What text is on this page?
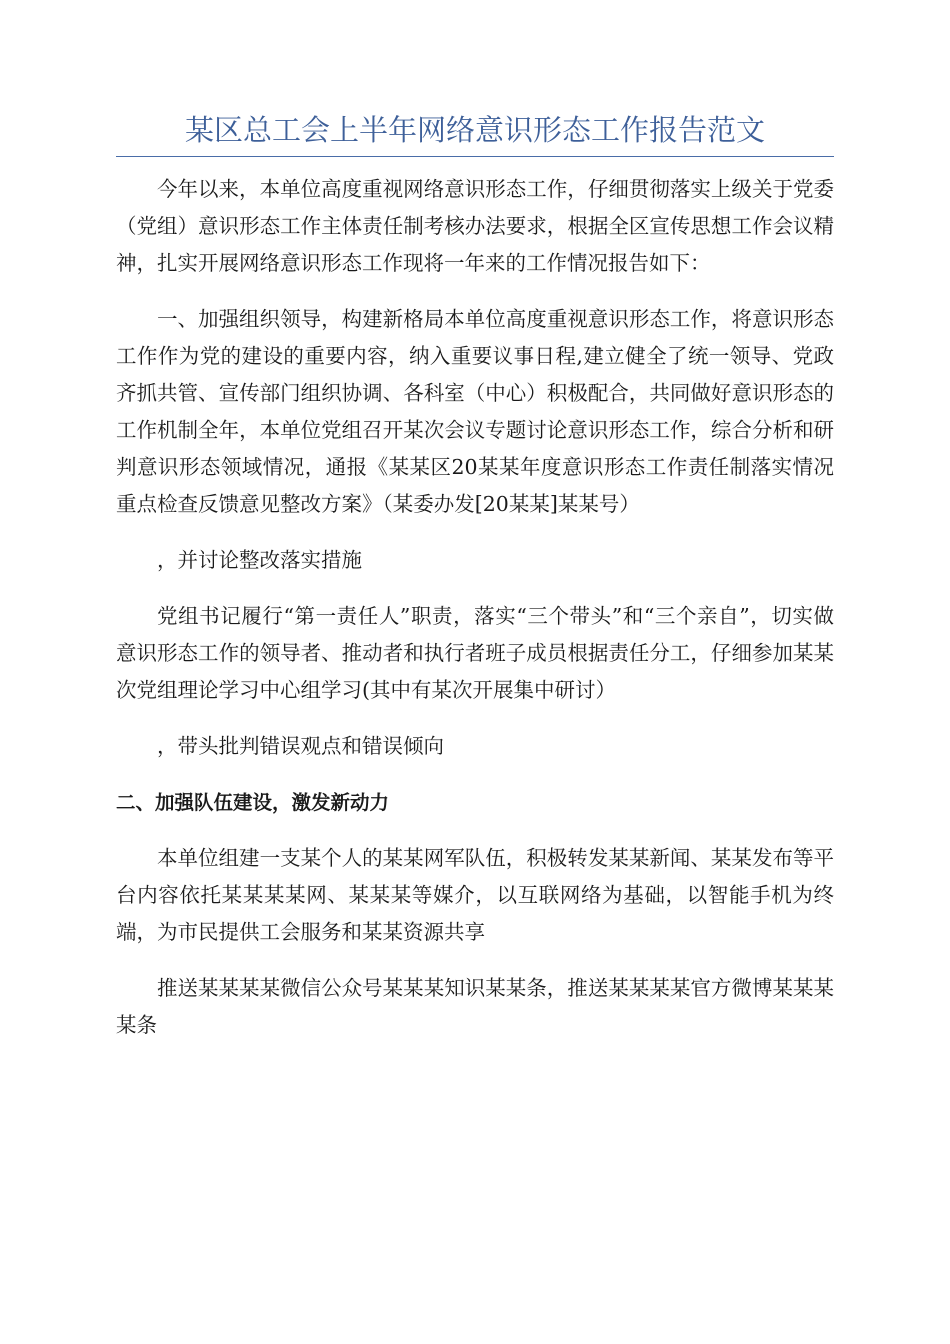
某区总工会上半年网络意识形态工作报告范文

今年以来，本单位高度重视网络意识形态工作，仔细贯彻落实上级关于党委（党组）意识形态工作主体责任制考核办法要求，根据全区宣传思想工作会议精神，扎实开展网络意识形态工作现将一年来的工作情况报告如下：

一、加强组织领导，构建新格局本单位高度重视意识形态工作，将意识形态工作作为党的建设的重要内容，纳入重要议事日程,建立健全了统一领导、党政齐抓共管、宣传部门组织协调、各科室（中心）积极配合，共同做好意识形态的工作机制全年，本单位党组召开某次会议专题讨论意识形态工作，综合分析和研判意识形态领域情况，通报《某某区20某某年度意识形态工作责任制落实情况重点检查反馈意见整改方案》（某委办发[20某某]某某号）

，并讨论整改落实措施

党组书记履行“第一责任人”职责，落实“三个带头”和“三个亲自”，切实做意识形态工作的领导者、推动者和执行者班子成员根据责任分工，仔细参加某某次党组理论学习中心组学习(其中有某次开展集中研讨）

，带头批判错误观点和错误倾向

二、加强队伍建设，激发新动力

本单位组建一支某个人的某某网军队伍，积极转发某某新闻、某某发布等平台内容依托某某某某网、某某某等媒介，以互联网络为基础，以智能手机为终端，为市民提供工会服务和某某资源共享

推送某某某某微信公众号某某某知识某某条，推送某某某某官方微博某某某某条
